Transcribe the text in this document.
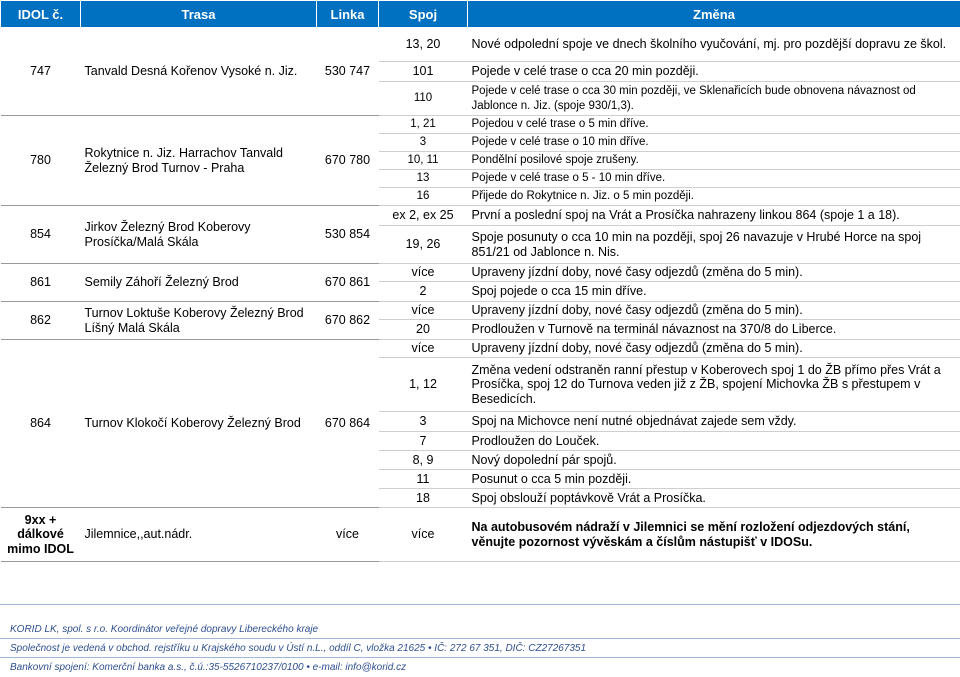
IDOL č.	Trasa	Linka	Spoj	Změna
747	Tanvald Desná Kořenov Vysoké n. Jiz.	530 747	13, 20	Nové odpolední spoje ve dnech školního vyučování, mj. pro pozdější dopravu ze škol.
			101	Pojede v celé trase o cca 20 min později.
			110	Pojede v celé trase o cca 30 min později, ve Sklenařicích bude obnovena návaznost od Jablonce n. Jiz. (spoje 930/1,3).
780	Rokytnice n. Jiz. Harrachov Tanvald Železný Brod Turnov - Praha	670 780	1, 21	Pojedou v celé trase o 5 min dříve.
			3	Pojede v celé trase o 10 min dříve.
			10, 11	Pondělní posilové spoje zrušeny.
			13	Pojede v celé trase o 5 - 10 min dříve.
			16	Přijede do Rokytnice n. Jiz. o 5 min později.
854	Jirkov Železný Brod Koberovy Prosíčka/Malá Skála	530 854	ex 2, ex 25	První a poslední spoj na Vrát a Prosíčka nahrazeny linkou 864 (spoje 1 a 18).
			19, 26	Spoje posunuty o cca 10 min na později, spoj 26 navazuje v Hrubé Horce na spoj 851/21 od Jablonce n. Nis.
861	Semily Záhoří Železný Brod	670 861	více	Upraveny jízdní doby, nové časy odjezdů (změna do 5 min).
			2	Spoj pojede o cca 15 min dříve.
862	Turnov Loktuše Koberovy Železný Brod Líšný Malá Skála	670 862	více	Upraveny jízdní doby, nové časy odjezdů (změna do 5 min).
			20	Prodloužen v Turnově na terminál návaznost na 370/8 do Liberce.
864	Turnov Klokočí Koberovy Železný Brod	670 864	více	Upraveny jízdní doby, nové časy odjezdů (změna do 5 min).
			1, 12	Změna vedení odstraněn ranní přestup v Koberovech spoj 1 do ŽB přímo přes Vrát a Prosíčka, spoj 12 do Turnova veden již z ŽB, spojení Michovka ŽB s přestupem v Besedicích.
			3	Spoj na Michovce není nutné objednávat zajede sem vždy.
			7	Prodloužen do Louček.
			8, 9	Nový dopolední pár spojů.
			11	Posunut o cca 5 min později.
			18	Spoj obslouží poptávkově Vrát a Prosíčka.
9xx + dálkové mimo IDOL	Jilemnice,,aut.nádr.	více	více	Na autobusovém nádraží v Jilemnici se mění rozložení odjezdových stání, věnujte pozornost vývěskám a číslům nástupišť v IDOSu.
KORID LK, spol. s r.o. Koordinátor veřejné dopravy Libereckého kraje
Společnost je vedená v obchod. rejstříku u Krajského soudu v Ústí n.L., oddíl C, vložka 21625 • IČ: 272 67 351, DIČ: CZ27267351
Bankovní spojení: Komerční banka a.s., č.ú.:35-5526710237/0100 • e-mail: info@korid.cz
